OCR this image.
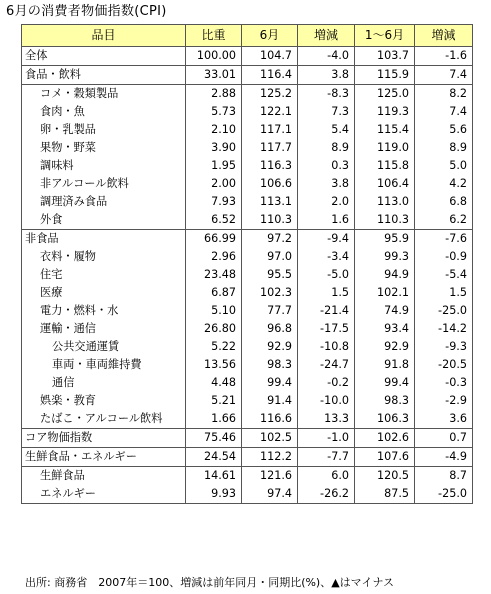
6月の消費者物価指数(CPI)
品目	比重	6月	増減	1～6月	増減
全体	100.00	104.7	-4.0	103.7	-1.6
食品・飲料	33.01	116.4	3.8	115.9	7.4
コメ・穀類製品	2.88	125.2	-8.3	125.0	8.2
食肉・魚	5.73	122.1	7.3	119.3	7.4
卵・乳製品	2.10	117.1	5.4	115.4	5.6
果物・野菜	3.90	117.7	8.9	119.0	8.9
調味料	1.95	116.3	0.3	115.8	5.0
非アルコール飲料	2.00	106.6	3.8	106.4	4.2
調理済み食品	7.93	113.1	2.0	113.0	6.8
外食	6.52	110.3	1.6	110.3	6.2
非食品	66.99	97.2	-9.4	95.9	-7.6
衣料・履物	2.96	97.0	-3.4	99.3	-0.9
住宅	23.48	95.5	-5.0	94.9	-5.4
医療	6.87	102.3	1.5	102.1	1.5
電力・燃料・水	5.10	77.7	-21.4	74.9	-25.0
運輸・通信	26.80	96.8	-17.5	93.4	-14.2
公共交通運賃	5.22	92.9	-10.8	92.9	-9.3
車両・車両維持費	13.56	98.3	-24.7	91.8	-20.5
通信	4.48	99.4	-0.2	99.4	-0.3
娯楽・教育	5.21	91.4	-10.0	98.3	-2.9
たばこ・アルコール飲料	1.66	116.6	13.3	106.3	3.6
コア物価指数	75.46	102.5	-1.0	102.6	0.7
生鮮食品・エネルギー	24.54	112.2	-7.7	107.6	-4.9
生鮮食品	14.61	121.6	6.0	120.5	8.7
エネルギー	9.93	97.4	-26.2	87.5	-25.0
出所: 商務省　2007年＝100、増減は前年同月・同期比(%)、▲はマイナス
